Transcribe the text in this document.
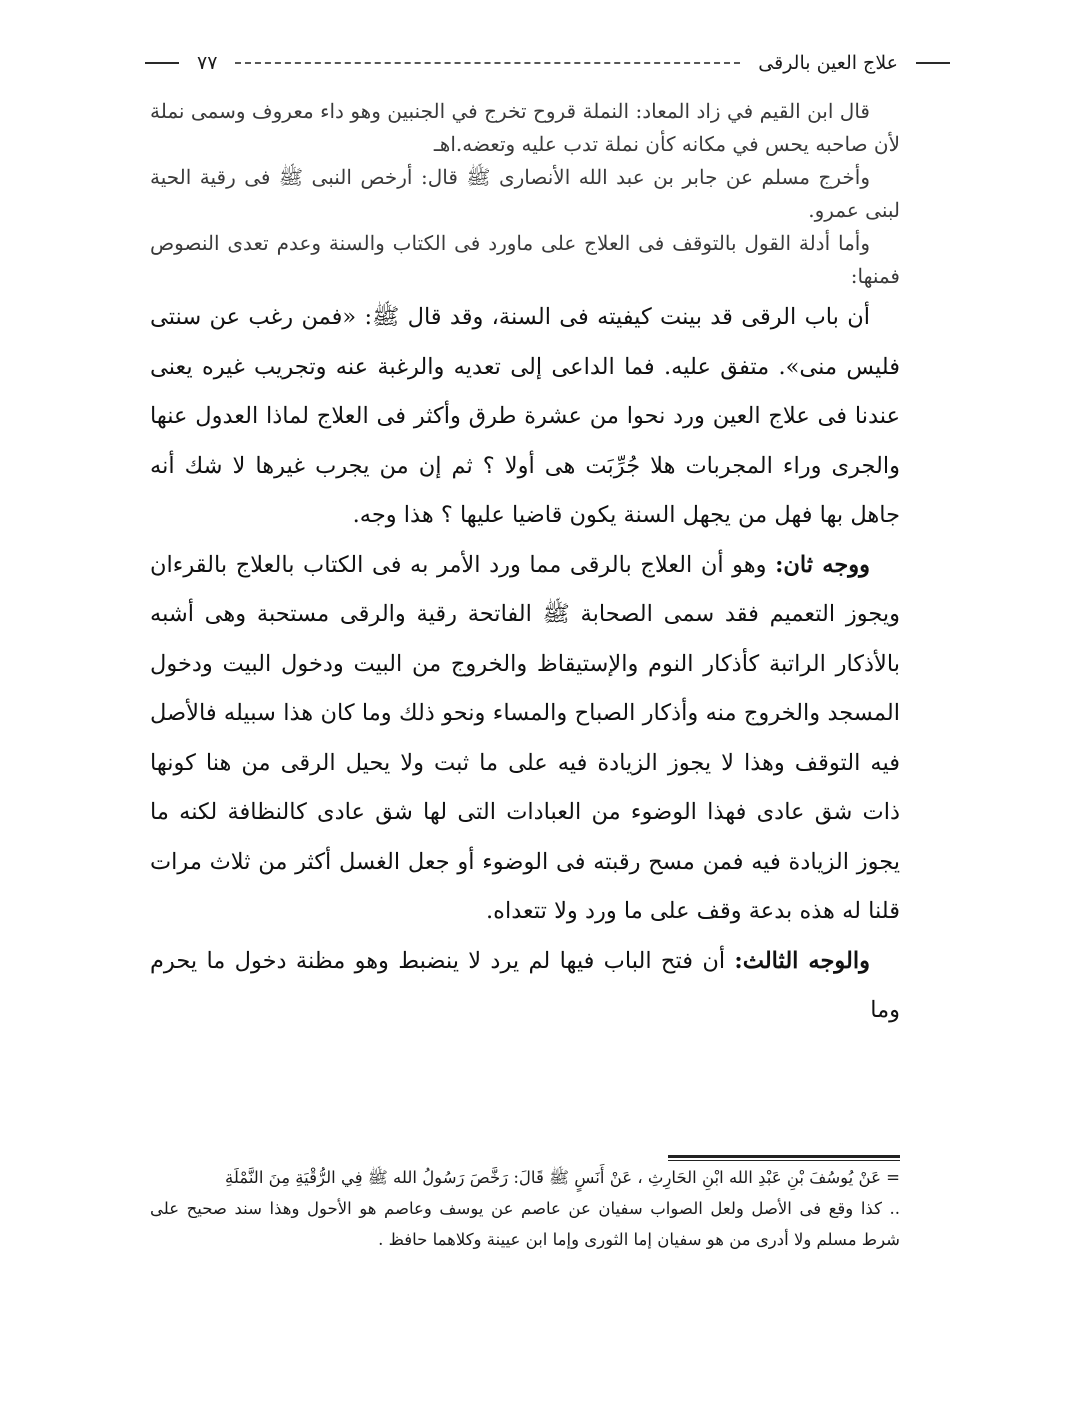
علاج العين بالرقى
٧٧

قال ابن القيم في زاد المعاد: النملة قروح تخرج في الجنبين وهو داء معروف وسمى نملة لأن صاحبه يحس في مكانه كأن نملة تدب عليه وتعضه.اهـ

وأخرج مسلم عن جابر بن عبد الله الأنصارى ﷺ قال: أرخص النبى ﷺ فى رقية الحية لبنى عمرو.

وأما أدلة القول بالتوقف فى العلاج على ماورد فى الكتاب والسنة وعدم تعدى النصوص فمنها:

أن باب الرقى قد بينت كيفيته فى السنة، وقد قال ﷺ: «فمن رغب عن سنتى فليس منى». متفق عليه. فما الداعى إلى تعديه والرغبة عنه وتجريب غيره يعنى عندنا فى علاج العين ورد نحوا من عشرة طرق وأكثر فى العلاج لماذا العدول عنها والجرى وراء المجربات هلا جُرِّبَت هى أولا ؟ ثم إن من يجرب غيرها لا شك أنه جاهل بها فهل من يجهل السنة يكون قاضيا عليها ؟ هذا وجه.

ووجه ثان: وهو أن العلاج بالرقى مما ورد الأمر به فى الكتاب بالعلاج بالقرءان ويجوز التعميم فقد سمى الصحابة ﷺ الفاتحة رقية والرقى مستحبة وهى أشبه بالأذكار الراتبة كأذكار النوم والإستيقاظ والخروج من البيت ودخول البيت ودخول المسجد والخروج منه وأذكار الصباح والمساء ونحو ذلك وما كان هذا سبيله فالأصل فيه التوقف وهذا لا يجوز الزيادة فيه على ما ثبت ولا يحيل الرقى من هنا كونها ذات شق عادى فهذا الوضوء من العبادات التى لها شق عادى كالنظافة لكنه ما يجوز الزيادة فيه فمن مسح رقبته فى الوضوء أو جعل الغسل أكثر من ثلاث مرات قلنا له هذه بدعة وقف على ما ورد ولا تتعداه.

والوجه الثالث: أن فتح الباب فيها لم يرد لا ينضبط وهو مظنة دخول ما يحرم وما

= عَنْ يُوسُفَ بْنِ عَبْدِ الله ابْنِ الحَارِثِ ، عَنْ أَنَسٍ ﷺ قَالَ: رَخَّصَ رَسُولُ الله ﷺ فِي الرُّقْيَةِ مِنَ النَّمْلَةِ

.. كذا وقع فى الأصل ولعل الصواب سفيان عن عاصم عن يوسف وعاصم هو الأحول وهذا سند صحيح على شرط مسلم ولا أدرى من هو سفيان إما الثورى وإما ابن عيينة وكلاهما حافظ .
